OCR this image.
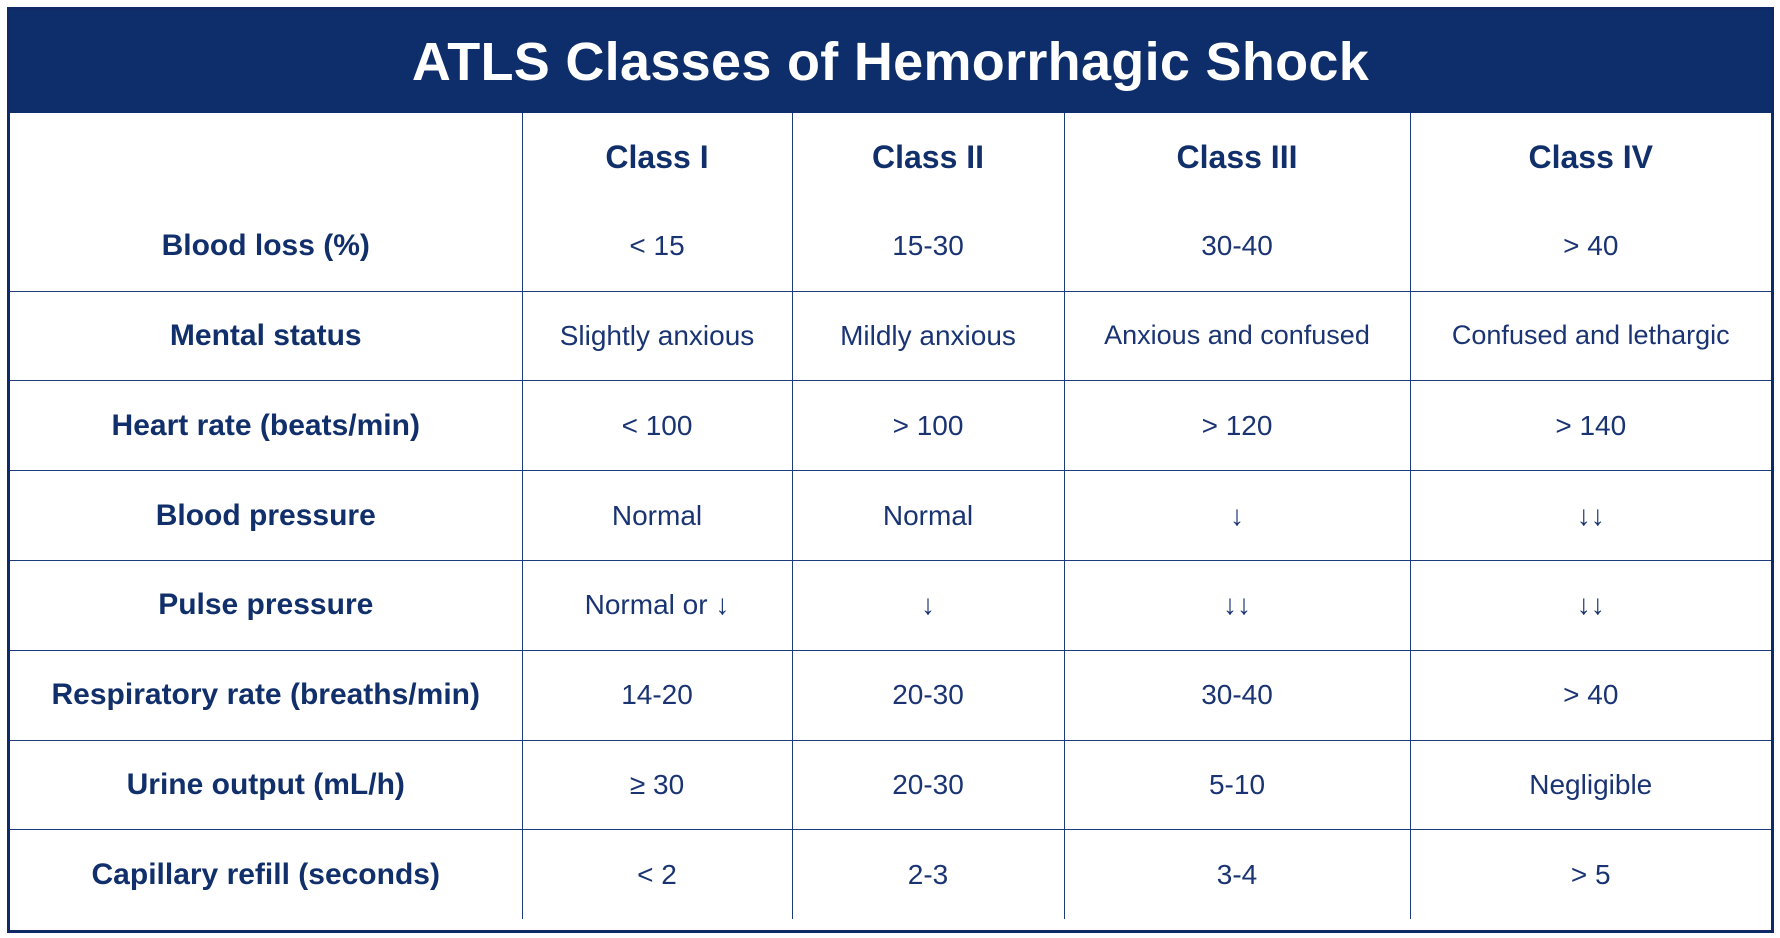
ATLS Classes of Hemorrhagic Shock
	Class I	Class II	Class III	Class IV
Blood loss (%)	< 15	15-30	30-40	> 40
Mental status	Slightly anxious	Mildly anxious	Anxious and confused	Confused and lethargic
Heart rate (beats/min)	< 100	> 100	> 120	> 140
Blood pressure	Normal	Normal	↓	↓↓
Pulse pressure	Normal or ↓	↓	↓↓	↓↓
Respiratory rate (breaths/min)	14-20	20-30	30-40	> 40
Urine output (mL/h)	≥ 30	20-30	5-10	Negligible
Capillary refill (seconds)	< 2	2-3	3-4	> 5
